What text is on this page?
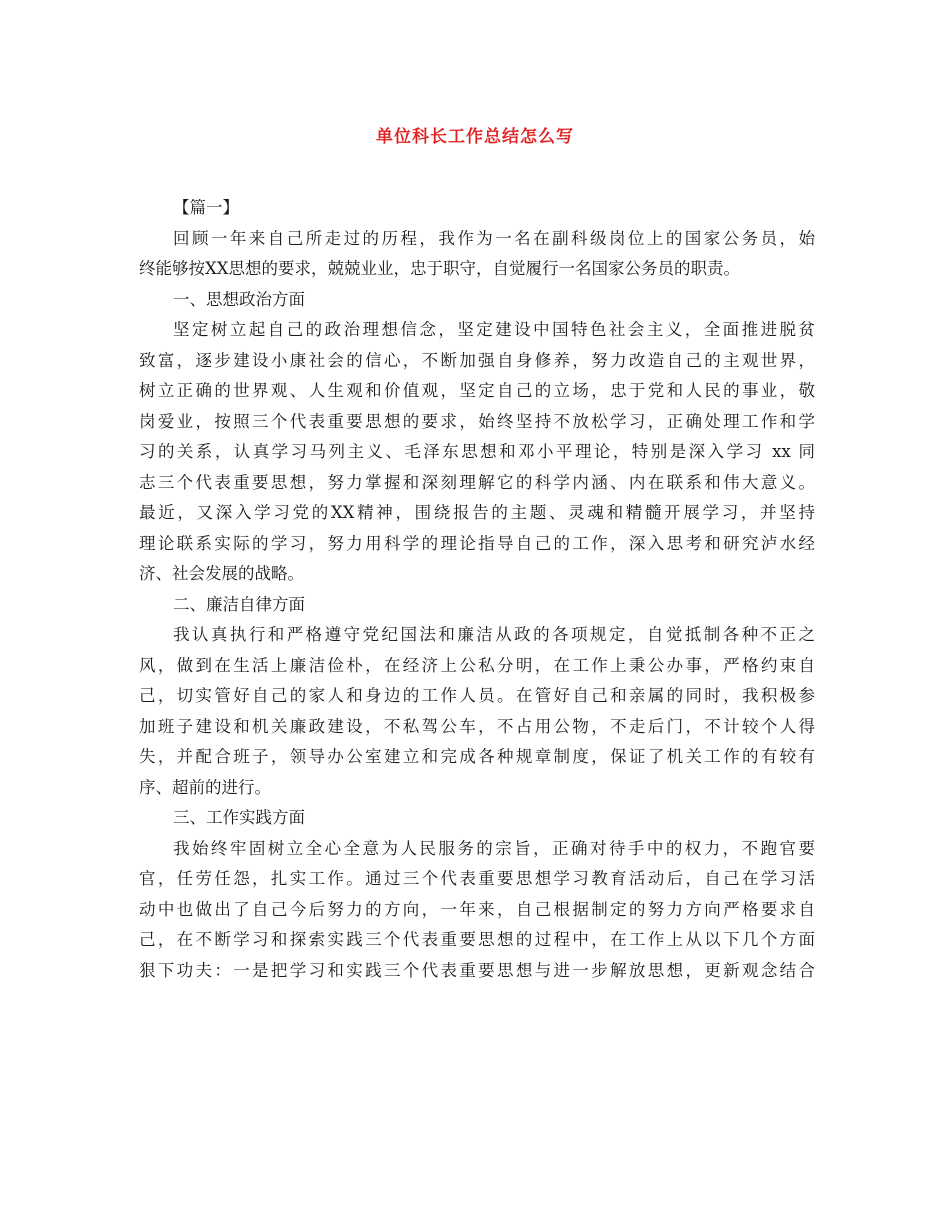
单位科长工作总结怎么写

【篇一】

回顾一年来自己所走过的历程，我作为一名在副科级岗位上的国家公务员，始
终能够按XX思想的要求，兢兢业业，忠于职守，自觉履行一名国家公务员的职责。

一、思想政治方面

坚定树立起自己的政治理想信念，坚定建设中国特色社会主义，全面推进脱贫
致富，逐步建设小康社会的信心，不断加强自身修养，努力改造自己的主观世界，
树立正确的世界观、人生观和价值观，坚定自己的立场，忠于党和人民的事业，敬
岗爱业，按照三个代表重要思想的要求，始终坚持不放松学习，正确处理工作和学
习的关系，认真学习马列主义、毛泽东思想和邓小平理论，特别是深入学习 xx 同
志三个代表重要思想，努力掌握和深刻理解它的科学内涵、内在联系和伟大意义。
最近，又深入学习党的XX精神，围绕报告的主题、灵魂和精髓开展学习，并坚持
理论联系实际的学习，努力用科学的理论指导自己的工作，深入思考和研究泸水经
济、社会发展的战略。

二、廉洁自律方面

我认真执行和严格遵守党纪国法和廉洁从政的各项规定，自觉抵制各种不正之
风，做到在生活上廉洁俭朴，在经济上公私分明，在工作上秉公办事，严格约束自
己，切实管好自己的家人和身边的工作人员。在管好自己和亲属的同时，我积极参
加班子建设和机关廉政建设，不私驾公车，不占用公物，不走后门，不计较个人得
失，并配合班子，领导办公室建立和完成各种规章制度，保证了机关工作的有较有
序、超前的进行。

三、工作实践方面

我始终牢固树立全心全意为人民服务的宗旨，正确对待手中的权力，不跑官要
官，任劳任怨，扎实工作。通过三个代表重要思想学习教育活动后，自己在学习活
动中也做出了自己今后努力的方向，一年来，自己根据制定的努力方向严格要求自
己，在不断学习和探索实践三个代表重要思想的过程中，在工作上从以下几个方面
狠下功夫：一是把学习和实践三个代表重要思想与进一步解放思想，更新观念结合
